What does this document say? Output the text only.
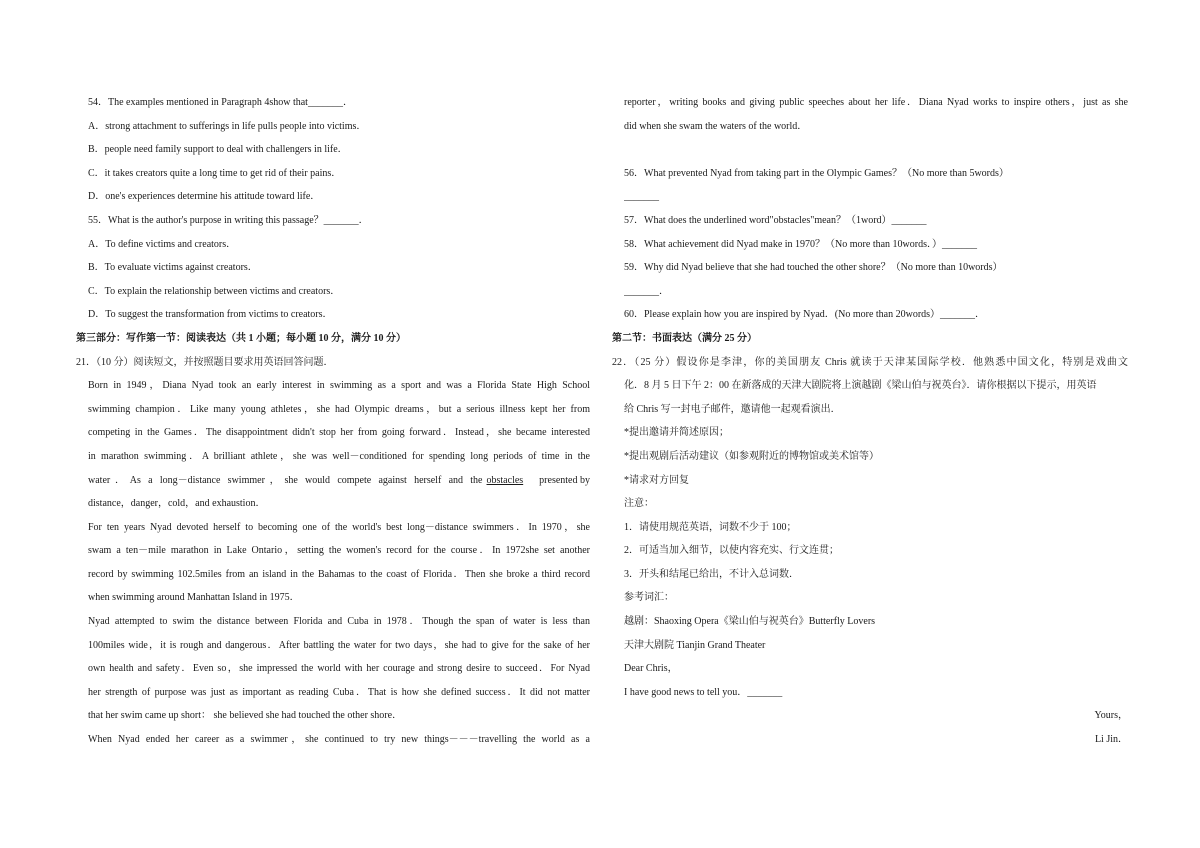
54．The examples mentioned in Paragraph 4show that_______．
A．strong attachment to sufferings in life pulls people into victims．
B．people need family support to deal with challengers in life．
C．it takes creators quite a long time to get rid of their pains．
D．one's experiences determine his attitude toward life．
55．What is the author's purpose in writing this passage？_______．
A．To define victims and creators．
B．To evaluate victims against creators．
C．To explain the relationship between victims and creators．
D．To suggest the transformation from victims to creators．
第三部分：写作第一节：阅读表达（共 1 小题；每小题 10 分，满分 10 分）
21．（10 分）阅读短文，并按照题目要求用英语回答问题．
Born in 1949，Diana Nyad took an early interest in swimming as a sport and was a Florida State High School
swimming champion．Like many young athletes，she had Olympic dreams，but a serious illness kept her from
competing in the Games．The disappointment didn't stop her from going forward．Instead，she became interested
in marathon swimming．A brilliant athlete，she was well－conditioned for spending long periods of time in the
water．As a long－distance swimmer，she would compete against herself and the obstacles presented by
distance，danger，cold，and exhaustion．
For ten years Nyad devoted herself to becoming one of the world's best long－distance swimmers．In 1970，she
swam a ten－mile marathon in Lake Ontario，setting the women's record for the course．In 1972she set another
record by swimming 102.5miles from an island in the Bahamas to the coast of Florida．Then she broke a third record
when swimming around Manhattan Island in 1975．
Nyad attempted to swim the distance between Florida and Cuba in 1978．Though the span of water is less than
100miles wide，it is rough and dangerous．After battling the water for two days，she had to give for the sake of her
own health and safety．Even so，she impressed the world with her courage and strong desire to succeed．For Nyad
her strength of purpose was just as important as reading Cuba．That is how she defined success．It did not matter
that her swim came up short： she believed she had touched the other shore．
When Nyad ended her career as a swimmer，she continued to try new things－－－travelling the world as a
reporter，writing books and giving public speeches about her life．Diana Nyad works to inspire others，just as she
did when she swam the waters of the world．
56．What prevented Nyad from taking part in the Olympic Games？（No more than 5words）
_______
57．What does the underlined word"obstacles"mean？（1word）_______
58．What achievement did Nyad make in 1970？（No more than 10words．）_______
59．Why did Nyad believe that she had touched the other shore？（No more than 10words）
_______．
60．Please explain how you are inspired by Nyad．(No more than 20words）_______．
第二节：书面表达（满分 25 分）
22．（25 分）假设你是李津，你的美国朋友 Chris 就读于天津某国际学校．他熟悉中国文化，特别是戏曲文
化．8 月 5 日下午 2：00 在新落成的天津大剧院将上演越剧《梁山伯与祝英台》．请你根据以下提示，用英语
给 Chris 写一封电子邮件，邀请他一起观看演出．
*提出邀请并简述原因；
*提出观剧后活动建议（如参观附近的博物馆或美术馆等）
*请求对方回复
注意：
1．请使用规范英语，词数不少于 100；
2．可适当加入细节，以使内容充实、行文连贯；
3．开头和结尾已给出，不计入总词数．
参考词汇：
越剧：Shaoxing Opera《梁山伯与祝英台》Butterfly Lovers
天津大剧院 Tianjin Grand Theater
Dear Chris，
I have good news to tell you．_______
Yours，
Li Jin．
